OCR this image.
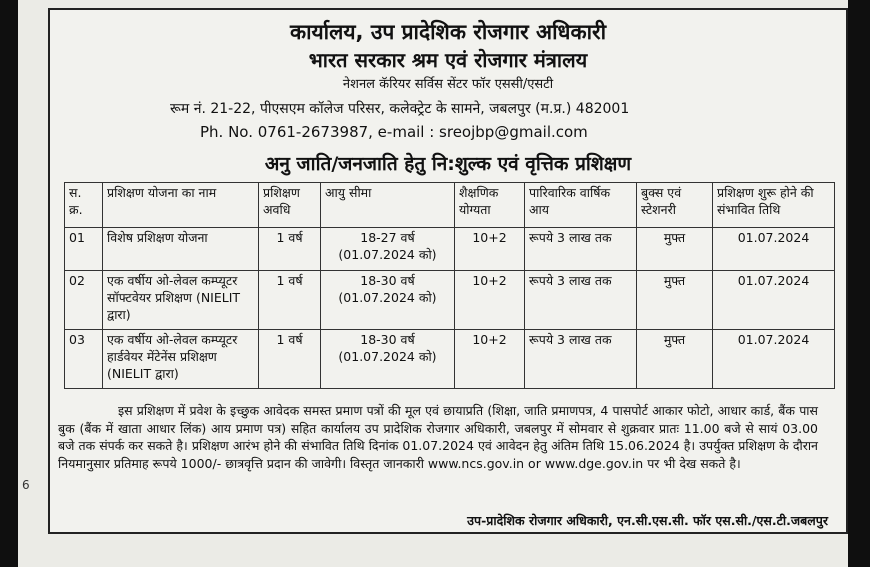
6
कार्यालय, उप प्रादेशिक रोजगार अधिकारी
भारत सरकार श्रम एवं रोजगार मंत्रालय
नेशनल कॅरियर सर्विस सेंटर फॉर एससी/एसटी
रूम नं. 21-22, पीएसएम कॉलेज परिसर, कलेक्ट्रेट के सामने, जबलपुर (म.प्र.) 482001
Ph. No. 0761-2673987, e-mail : sreojbp@gmail.com
अनु जाति/जनजाति हेतु नि:शुल्क एवं वृत्तिक प्रशिक्षण
स. क्र.	प्रशिक्षण योजना का नाम	प्रशिक्षण अवधि	आयु सीमा	शैक्षणिक योग्यता	पारिवारिक वार्षिक आय	बुक्स एवं स्टेशनरी	प्रशिक्षण शुरू होने की संभावित तिथि
01	विशेष प्रशिक्षण योजना	1 वर्ष	18-27 वर्ष (01.07.2024 को)	10+2	रूपये 3 लाख तक	मुफ्त	01.07.2024
02	एक वर्षीय ओ-लेवल कम्प्यूटर सॉफ्टवेयर प्रशिक्षण (NIELIT द्वारा)	1 वर्ष	18-30 वर्ष (01.07.2024 को)	10+2	रूपये 3 लाख तक	मुफ्त	01.07.2024
03	एक वर्षीय ओ-लेवल कम्प्यूटर हार्डवेयर मेंटेनेंस प्रशिक्षण (NIELIT द्वारा)	1 वर्ष	18-30 वर्ष (01.07.2024 को)	10+2	रूपये 3 लाख तक	मुफ्त	01.07.2024
इस प्रशिक्षण में प्रवेश के इच्छुक आवेदक समस्त प्रमाण पत्रों की मूल एवं छायाप्रति (शिक्षा, जाति प्रमाणपत्र, 4 पासपोर्ट आकार फोटो, आधार कार्ड, बैंक पास बुक (बैंक में खाता आधार लिंक) आय प्रमाण पत्र) सहित कार्यालय उप प्रादेशिक रोजगार अधिकारी, जबलपुर में सोमवार से शुक्रवार प्रातः 11.00 बजे से सायं 03.00 बजे तक संपर्क कर सकते है। प्रशिक्षण आरंभ होने की संभावित तिथि दिनांक 01.07.2024 एवं आवेदन हेतु अंतिम तिथि 15.06.2024 है। उपर्युक्त प्रशिक्षण के दौरान नियमानुसार प्रतिमाह रूपये 1000/- छात्रवृत्ति प्रदान की जावेगी। विस्तृत जानकारी www.ncs.gov.in or www.dge.gov.in पर भी देख सकते है।
उप-प्रादेशिक रोजगार अधिकारी, एन.सी.एस.सी. फॉर एस.सी./एस.टी.जबलपुर
